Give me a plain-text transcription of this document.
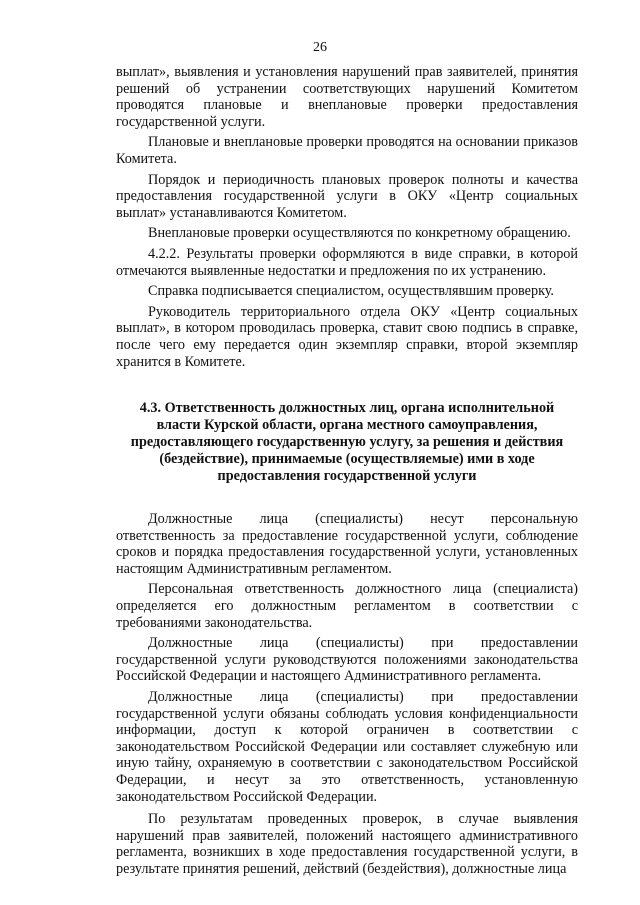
26

выплат», выявления и установления нарушений прав заявителей, принятия решений об устранении соответствующих нарушений Комитетом проводятся плановые и внеплановые проверки предоставления государственной услуги.

Плановые и внеплановые проверки проводятся на основании приказов Комитета.

Порядок и периодичность плановых проверок полноты и качества предоставления государственной услуги в ОКУ «Центр социальных выплат» устанавливаются Комитетом.

Внеплановые проверки осуществляются по конкретному обращению.

4.2.2. Результаты проверки оформляются в виде справки, в которой отмечаются выявленные недостатки и предложения по их устранению.

Справка подписывается специалистом, осуществлявшим проверку.

Руководитель территориального отдела ОКУ «Центр социальных выплат», в котором проводилась проверка, ставит свою подпись в справке, после чего ему передается один экземпляр справки, второй экземпляр хранится в Комитете.

4.3. Ответственность должностных лиц, органа исполнительной власти Курской области, органа местного самоуправления, предоставляющего государственную услугу, за решения и действия (бездействие), принимаемые (осуществляемые) ими в ходе предоставления государственной услуги

Должностные лица (специалисты) несут персональную ответственность за предоставление государственной услуги, соблюдение сроков и порядка предоставления государственной услуги, установленных настоящим Административным регламентом.

Персональная ответственность должностного лица (специалиста) определяется его должностным регламентом в соответствии с требованиями законодательства.

Должностные лица (специалисты) при предоставлении государственной услуги руководствуются положениями законодательства Российской Федерации и настоящего Административного регламента.

Должностные лица (специалисты) при предоставлении государственной услуги обязаны соблюдать условия конфиденциальности информации, доступ к которой ограничен в соответствии с законодательством Российской Федерации или составляет служебную или иную тайну, охраняемую в соответствии с законодательством Российской Федерации, и несут за это ответственность, установленную законодательством Российской Федерации.

По результатам проведенных проверок, в случае выявления нарушений прав заявителей, положений настоящего административного регламента, возникших в ходе предоставления государственной услуги, в результате принятия решений, действий (бездействия), должностные лица
